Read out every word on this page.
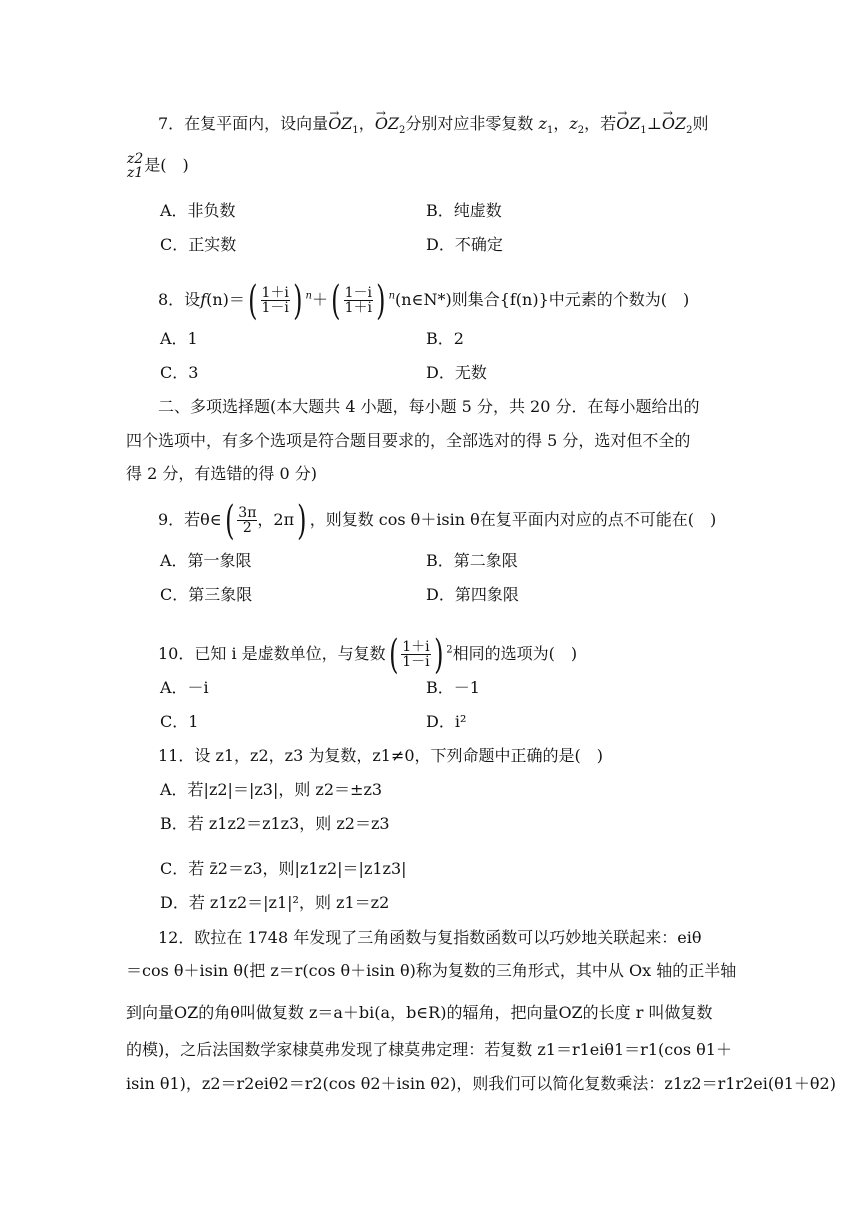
7．在复平面内，设向量→ $OZ_1$，→ $OZ_2$分别对应非零复数 $z_1$，$z_2$，若→ $OZ_1\perp\to OZ_2$则
z2
z1 是(　)
A．非负数	B．纯虚数
C．正实数	D．不确定
8．设$f(n)=( \frac{1+i}{1-i}$ ) $^n+( \frac{1-i}{1+i}$ ) $^n$(n∈N*)则集合{f(n)}中元素的个数为(　)
A．1	B．2
C．3	D．无数
二、多项选择题(本大题共 4 小题，每小题 5 分，共 20 分．在每小题给出的
四个选项中，有多个选项是符合题目要求的，全部选对的得 5 分，选对但不全的
得 2 分，有选错的得 0 分)
9．若θ∈( $\frac{3\pi}{2}$ ，2π) ，则复数 cos θ＋isin θ在复平面内对应的点不可能在(　)
A．第一象限	B．第二象限
C．第三象限	D．第四象限
10．已知 i 是虚数单位，与复数( $\frac{1+i}{1-i}$ ) $^2$相同的选项为(　)
A．－i	B．－1
C．1	D．i²
11．设 z1，z2，z3 为复数，z1≠0，下列命题中正确的是(　)
A．若|z2|＝|z3|，则 z2＝±z3
B．若 z1z2＝z1z3，则 z2＝z3
C．若 z̄2＝z3，则|z1z2|＝|z1z3|
D．若 z1z2＝|z1|²，则 z1＝z2
12．欧拉在 1748 年发现了三角函数与复指数函数可以巧妙地关联起来：eiθ
＝cos θ＋isin θ(把 z＝r(cos θ＋isin θ)称为复数的三角形式，其中从 Ox 轴的正半轴
到向量OZ的角θ叫做复数 z＝a＋bi(a，b∈R)的辐角，把向量OZ的长度 r 叫做复数
的模)，之后法国数学家棣莫弗发现了棣莫弗定理：若复数 z1＝r1eiθ1＝r1(cos θ1＋
isin θ1)，z2＝r2eiθ2＝r2(cos θ2＋isin θ2)，则我们可以简化复数乘法：z1z2＝r1r2ei(θ1＋θ2)
